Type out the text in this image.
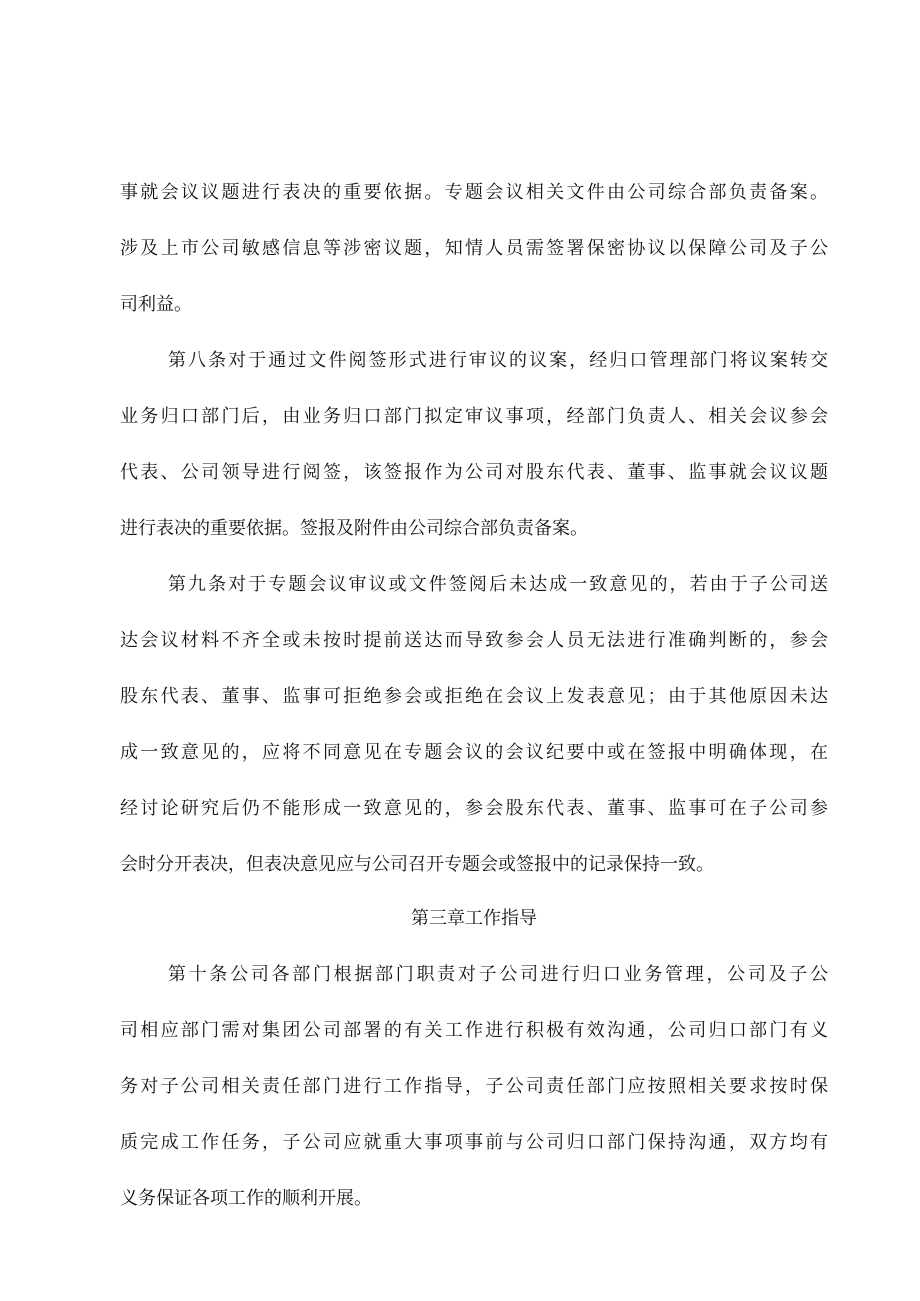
事就会议议题进行表决的重要依据。专题会议相关文件由公司综合部负责备案。
涉及上市公司敏感信息等涉密议题，知情人员需签署保密协议以保障公司及子公
司利益。
第八条对于通过文件阅签形式进行审议的议案，经归口管理部门将议案转交
业务归口部门后，由业务归口部门拟定审议事项，经部门负责人、相关会议参会
代表、公司领导进行阅签，该签报作为公司对股东代表、董事、监事就会议议题
进行表决的重要依据。签报及附件由公司综合部负责备案。
第九条对于专题会议审议或文件签阅后未达成一致意见的，若由于子公司送
达会议材料不齐全或未按时提前送达而导致参会人员无法进行准确判断的，参会
股东代表、董事、监事可拒绝参会或拒绝在会议上发表意见；由于其他原因未达
成一致意见的，应将不同意见在专题会议的会议纪要中或在签报中明确体现，在
经讨论研究后仍不能形成一致意见的，参会股东代表、董事、监事可在子公司参
会时分开表决，但表决意见应与公司召开专题会或签报中的记录保持一致。
第三章工作指导
第十条公司各部门根据部门职责对子公司进行归口业务管理，公司及子公
司相应部门需对集团公司部署的有关工作进行积极有效沟通，公司归口部门有义
务对子公司相关责任部门进行工作指导，子公司责任部门应按照相关要求按时保
质完成工作任务，子公司应就重大事项事前与公司归口部门保持沟通，双方均有
义务保证各项工作的顺利开展。
